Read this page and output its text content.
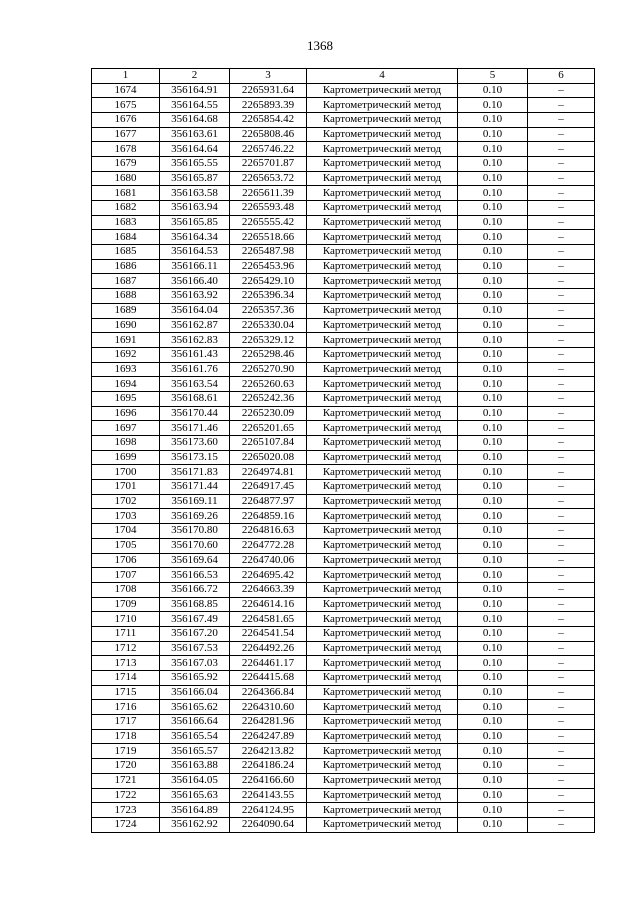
1368
1	2	3	4	5	6
1674	356164.91	2265931.64	Картометрический метод	0.10	–
1675	356164.55	2265893.39	Картометрический метод	0.10	–
1676	356164.68	2265854.42	Картометрический метод	0.10	–
1677	356163.61	2265808.46	Картометрический метод	0.10	–
1678	356164.64	2265746.22	Картометрический метод	0.10	–
1679	356165.55	2265701.87	Картометрический метод	0.10	–
1680	356165.87	2265653.72	Картометрический метод	0.10	–
1681	356163.58	2265611.39	Картометрический метод	0.10	–
1682	356163.94	2265593.48	Картометрический метод	0.10	–
1683	356165.85	2265555.42	Картометрический метод	0.10	–
1684	356164.34	2265518.66	Картометрический метод	0.10	–
1685	356164.53	2265487.98	Картометрический метод	0.10	–
1686	356166.11	2265453.96	Картометрический метод	0.10	–
1687	356166.40	2265429.10	Картометрический метод	0.10	–
1688	356163.92	2265396.34	Картометрический метод	0.10	–
1689	356164.04	2265357.36	Картометрический метод	0.10	–
1690	356162.87	2265330.04	Картометрический метод	0.10	–
1691	356162.83	2265329.12	Картометрический метод	0.10	–
1692	356161.43	2265298.46	Картометрический метод	0.10	–
1693	356161.76	2265270.90	Картометрический метод	0.10	–
1694	356163.54	2265260.63	Картометрический метод	0.10	–
1695	356168.61	2265242.36	Картометрический метод	0.10	–
1696	356170.44	2265230.09	Картометрический метод	0.10	–
1697	356171.46	2265201.65	Картометрический метод	0.10	–
1698	356173.60	2265107.84	Картометрический метод	0.10	–
1699	356173.15	2265020.08	Картометрический метод	0.10	–
1700	356171.83	2264974.81	Картометрический метод	0.10	–
1701	356171.44	2264917.45	Картометрический метод	0.10	–
1702	356169.11	2264877.97	Картометрический метод	0.10	–
1703	356169.26	2264859.16	Картометрический метод	0.10	–
1704	356170.80	2264816.63	Картометрический метод	0.10	–
1705	356170.60	2264772.28	Картометрический метод	0.10	–
1706	356169.64	2264740.06	Картометрический метод	0.10	–
1707	356166.53	2264695.42	Картометрический метод	0.10	–
1708	356166.72	2264663.39	Картометрический метод	0.10	–
1709	356168.85	2264614.16	Картометрический метод	0.10	–
1710	356167.49	2264581.65	Картометрический метод	0.10	–
1711	356167.20	2264541.54	Картометрический метод	0.10	–
1712	356167.53	2264492.26	Картометрический метод	0.10	–
1713	356167.03	2264461.17	Картометрический метод	0.10	–
1714	356165.92	2264415.68	Картометрический метод	0.10	–
1715	356166.04	2264366.84	Картометрический метод	0.10	–
1716	356165.62	2264310.60	Картометрический метод	0.10	–
1717	356166.64	2264281.96	Картометрический метод	0.10	–
1718	356165.54	2264247.89	Картометрический метод	0.10	–
1719	356165.57	2264213.82	Картометрический метод	0.10	–
1720	356163.88	2264186.24	Картометрический метод	0.10	–
1721	356164.05	2264166.60	Картометрический метод	0.10	–
1722	356165.63	2264143.55	Картометрический метод	0.10	–
1723	356164.89	2264124.95	Картометрический метод	0.10	–
1724	356162.92	2264090.64	Картометрический метод	0.10	–
